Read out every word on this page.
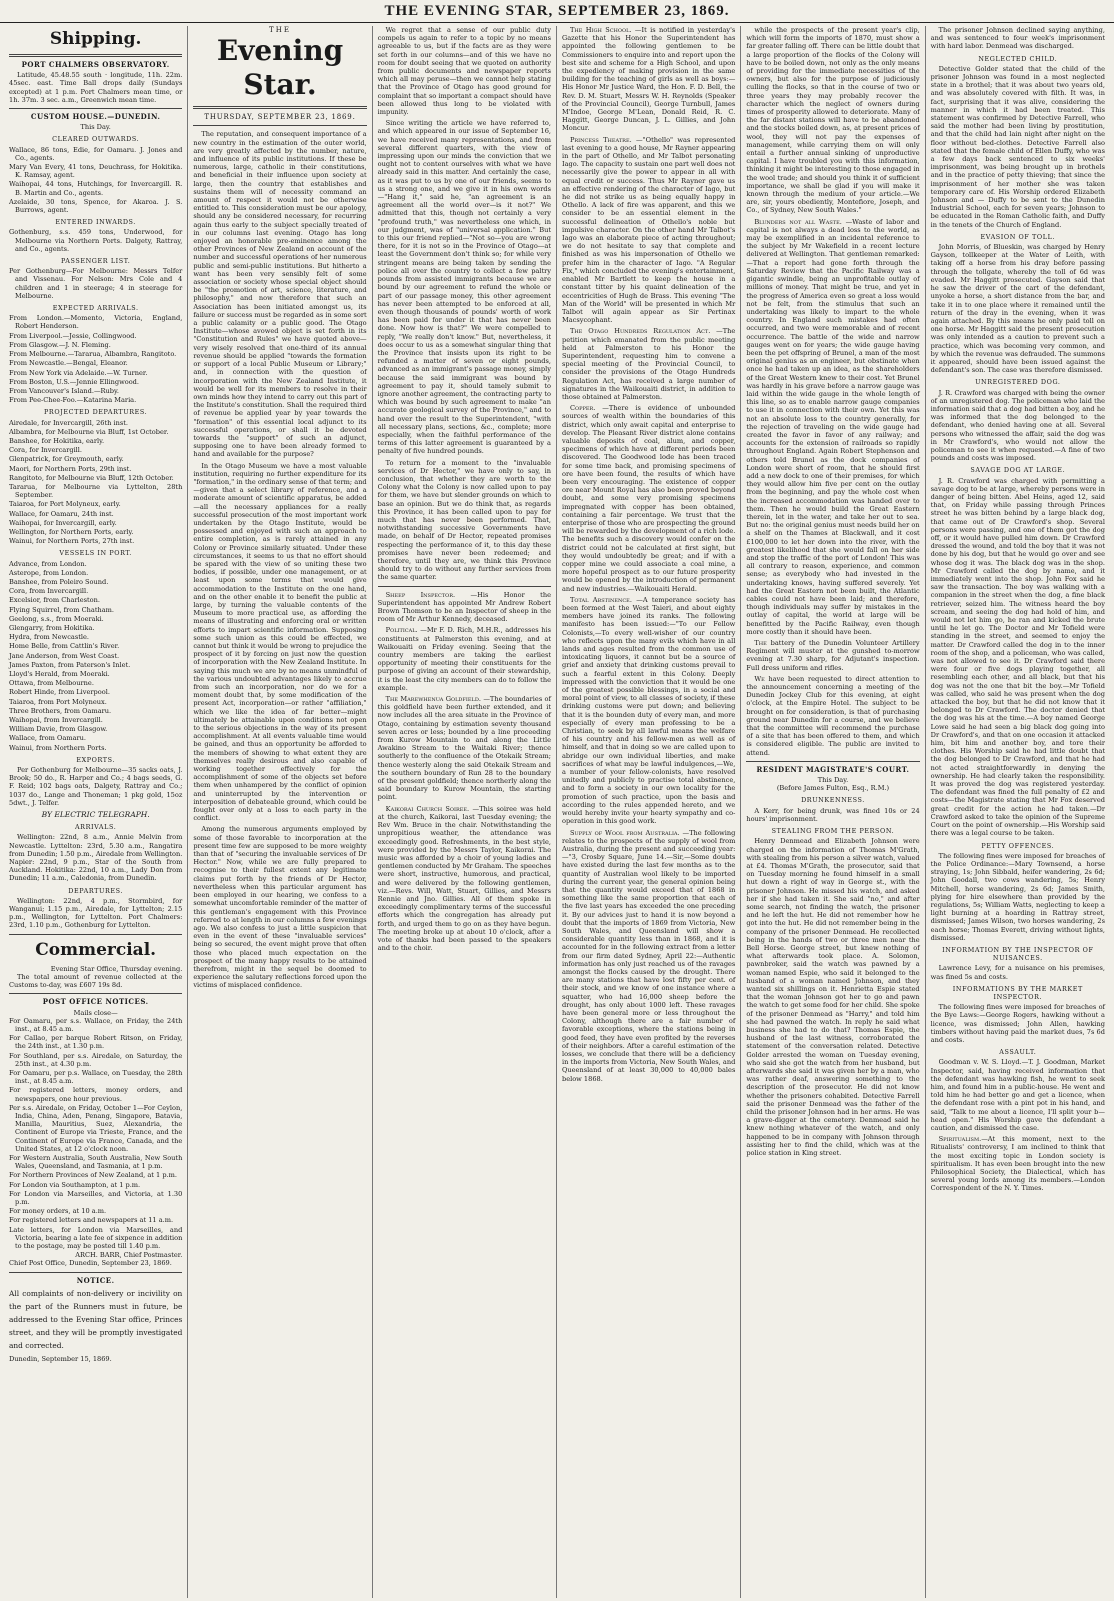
THE EVENING STAR, SEPTEMBER 23, 1869.
Shipping.
PORT CHALMERS OBSERVATORY.

Latitude, 45.48.55 south · longitude, 11h. 22m. 45sec. east. Time Ball drops daily (Sundays excepted) at 1 p.m. Port Chalmers mean time, or 1h. 37m. 3 sec. a.m., Greenwich mean time.

CUSTOM HOUSE.—DUNEDIN.
This Day.
CLEARED OUTWARDS.
Wallace, 86 tons, Edie, for Oamaru. J. Jones and Co., agents.
Mary Van Every, 41 tons, Deuchrass, for Hokitika. K. Ramsay, agent.
Waihopai, 44 tons, Hutchings, for Invercargill. R. B. Martin and Co., agents.
Azelaide, 30 tons, Spence, for Akaroa. J. S. Burrows, agent.
ENTERED INWARDS.
Gothenburg, s.s. 459 tons, Underwood, for Melbourne via Northern Ports. Dalgety, Rattray, and Co., agents.
PASSENGER LIST.
Per Gothenburg—For Melbourne: Messrs Telfer and Vissenau. For Nelson: Mrs Cole and 4 children and 1 in steerage; 4 in steerage for Melbourne.
EXPECTED ARRIVALS.
From London.—Momento, Victoria, England, Robert Henderson.
From Liverpool.—Jessie, Collingwood.
From Glasgow.—J. N. Fleming.
From Melbourne.—Tararua, Albambra, Rangitoto.
From Newcastle.—Bengal, Eleanor.
From New York via Adelaide.—W. Turner.
From Boston, U.S.—Jennie Ellingwood.
From Vancouver's Island.—Ruby.
From Pee-Chee-Foo.—Katarina Maria.
PROJECTED DEPARTURES.
Airedale, for Invercargill, 26th inst.
Albambra, for Melbourne via Bluff, 1st October.
Banshee, for Hokitika, early.
Cora, for Invercargill.
Glenpatrick, for Greymouth, early.
Maori, for Northern Ports, 29th inst.
Rangitoto, for Melbourne via Bluff, 12th October.
Tararua, for Melbourne via Lyttelton, 28th September.
Taiaroa, for Port Molyneux, early.
Wallace, for Oamaru, 24th inst.
Waihopai, for Invercargill, early.
Wellington, for Northern Ports, early.
Wainui, for Northern Ports, 27th inst.
VESSELS IN PORT.
Advance, from London.
Asterope, from London.
Banshee, from Poleiro Sound.
Cora, from Invercargill.
Excelsior, from Charleston.
Flying Squirrel, from Chatham.
Geelong, s.s., from Moeraki.
Glengarry, from Hokitika.
Hydra, from Newcastle.
Home Belle, from Cattlin's River.
Jane Anderson, from West Coast.
James Paxton, from Paterson's Inlet.
Lloyd's Herald, from Moeraki.
Ottawa, from Melbourne.
Robert Hinde, from Liverpool.
Taiaroa, from Port Molyneux.
Three Brothers, from Oamaru.
Waihopai, from Invercargill.
William Davie, from Glasgow.
Wallace, from Oamaru.
Wainui, from Northern Ports.
EXPORTS.

Per Gothenburg for Melbourne—35 sacks oats, J. Brook; 50 do., R. Harper and Co.; 4 bags seeds, G. F. Reid; 102 bags oats, Dalgety, Rattray and Co.; 1037 do., Lange and Thoneman; 1 pkg gold, 15oz 5dwt., J. Telfer.

BY ELECTRIC TELEGRAPH.
ARRIVALS.

Wellington: 22nd, 8 a.m., Annie Melvin from Newcastle. Lyttelton: 23rd, 5.30 a.m., Rangatira from Dunedin; 1.50 p.m., Airedale from Wellington. Napier: 22nd, 9 p.m., Star of the South from Auckland. Hokitika: 22nd, 10 a.m., Lady Don from Dunedin; 11 a.m., Caledonia, from Dunedin.

DEPARTURES.

Wellington: 22nd, 4 p.m., Stormbird, for Wanganui; 1.15 p.m., Airedale, for Lyttelton; 2.15 p.m., Wellington, for Lyttelton. Port Chalmers: 23rd, 1.10 p.m., Gothenburg for Lyttelton.

Commercial.
Evening Star Office, Thursday evening.

The total amount of revenue collected at the Customs to-day, was £607 19s 8d.

POST OFFICE NOTICES.
Mails close—
For Oamaru, per s.s. Wallace, on Friday, the 24th inst., at 8.45 a.m.
For Callao, per barque Robert Ritson, on Friday, the 24th inst., at 1.30 p.m.
For Southland, per s.s. Airedale, on Saturday, the 25th inst., at 4.30 p.m.
For Oamaru, per p.s. Wallace, on Tuesday, the 28th inst., at 8.45 a.m.
For registered letters, money orders, and newspapers, one hour previous.
Per s.s. Airedale, on Friday, October 1—For Ceylon, India, China, Aden, Penang, Singapore, Batavia, Manilla, Mauritius, Suez, Alexandria, the Continent of Europe via Trieste, France, and the Continent of Europe via France, Canada, and the United States, at 12 o'clock noon.
For Western Australia, South Australia, New South Wales, Queensland, and Tasmania, at 1 p.m.
For Northern Provinces of New Zealand, at 1 p.m.
For London via Southampton, at 1 p.m.
For London via Marseilles, and Victoria, at 1.30 p.m.
For money orders, at 10 a.m.
For registered letters and newspapers at 11 a.m.
Late letters, for London via Marseilles, and Victoria, bearing a late fee of sixpence in addition to the postage, may be posted till 1.40 p.m.
ARCH. BARR, Chief Postmaster.
Chief Post Office, Dunedin, September 23, 1869.
NOTICE.

All complaints of non-delivery or incivility on the part of the Runners must in future, be addressed to the Evening Star office, Princes street, and they will be promptly investigated and corrected.

Dunedin, September 15, 1869.
THE
Evening Star.
THURSDAY, SEPTEMBER 23, 1869.

The reputation, and consequent importance of a new country in the estimation of the outer world, are very greatly affected by the number, nature, and influence of its public institutions. If these be numerous, large, catholic in their constitutions, and beneficial in their influence upon society at large, then the country that establishes and sustains them will of necessity command an amount of respect it would not be otherwise entitled to. This consideration must be our apology, should any be considered necessary, for recurring again thus early to the subject specially treated of in our columns last evening. Otago has long enjoyed an honorable pre-eminence among the other Provinces of New Zealand on account of the number and successful operations of her numerous public and semi-public institutions. But hitherto a want has been very sensibly felt of some association or society whose special object should be "the promotion of art, science, literature, and philosophy," and now therefore that such an Association has been initiated amongst us, its failure or success must be regarded as in some sort a public calamity or a public good. The Otago Institute—whose avowed object is set forth in its "Constitution and Rules" we have quoted above—very wisely resolved that one-third of its annual revenue should be applied "towards the formation or support of a local Public Museum or Library;" and, in connection with the question of incorporation with the New Zealand Institute, it would be well for its members to resolve in their own minds how they intend to carry out this part of the Institute's constitution. Shall the required third of revenue be applied year by year towards the "formation" of this essential local adjunct to its successful operations, or shall it be devoted towards the "support" of such an adjunct, supposing one to have been already formed to hand and available for the purpose?

In the Otago Museum we have a most valuable institution, requiring no further expenditure for its "formation," in the ordinary sense of that term; and—given that a select library of reference, and a moderate amount of scientific apparatus, be added—all the necessary appliances for a really successful prosecution of the most important work undertaken by the Otago Institute, would be possessed and enjoyed with such an approach to entire completion, as is rarely attained in any Colony or Province similarly situated. Under these circumstances, it seems to us that no effort should be spared with the view of so uniting these two bodies, if possible, under one management, or at least upon some terms that would give accommodation to the Institute on the one hand, and on the other enable it to benefit the public at large, by turning the valuable contents of the Museum to more practical use, as affording the means of illustrating and enforcing oral or written efforts to impart scientific information. Supposing some such union as this could be effected, we cannot but think it would be wrong to prejudice the prospect of it by forcing on just now the question of incorporation with the New Zealand Institute. In saying this much we are by no means unmindful of the various undoubted advantages likely to accrue from such an incorporation, nor do we for a moment doubt that, by some modification of the present Act, incorporation—or rather "affiliation," which we like the idea of far better—might ultimately be attainable upon conditions not open to the serious objections in the way of its present accomplishment. At all events valuable time would be gained, and thus an opportunity be afforded to the members of showing to what extent they are themselves really desirous and also capable of working together effectively for the accomplishment of some of the objects set before them when unhampered by the conflict of opinion and uninterrupted by the intervention or interposition of debateable ground, which could be fought over only at a loss to each party in the conflict.

Among the numerous arguments employed by some of those favorable to incorporation at the present time few are supposed to be more weighty than that of "securing the invaluable services of Dr Hector." Now, while we are fully prepared to recognise to their fullest extent any legitimate claims put forth by the friends of Dr Hector, nevertheless when this particular argument has been employed in our hearing, we confess to a somewhat uncomfortable reminder of the matter of this gentleman's engagement with this Province referred to at length in our columns a few evenings ago. We also confess to just a little suspicion that even in the event of these "invaluable services" being so secured, the event might prove that often those who placed much expectation on the prospect of the many happy results to be attained therefrom, might in the sequel be doomed to experience the salutary reflections forced upon the victims of misplaced confidence.

We regret that a sense of our public duty compels us again to refer to a topic by no means agreeable to us, but if the facts are as they were set forth in our columns—and of this we have no room for doubt seeing that we quoted on authority from public documents and newspaper reports which all may peruse—then we cannot help stating that the Province of Otago has good ground for complaint that so important a compact should have been allowed thus long to be violated with impunity.

Since writing the article we have referred to, and which appeared in our issue of September 16, we have received many representations, and from several different quarters, with the view of impressing upon our minds the conviction that we ought not to content ourselves with what we have already said in this matter. And certainly the case, as it was put to us by one of our friends, seems to us a strong one, and we give it in his own words—"Hang it," said he, "an agreement is an agreement all the world over—is it not?" We admitted that this, though not certainly a very "profound truth," was nevertheless one which, in our judgment, was of "universal application." But to this our friend replied—"Not so—you are wrong there, for it is not so in the Province of Otago—at least the Government don't think so; for while very stringent means are being taken by sending the police all over the country to collect a few paltry pounds from assisted immigrants because we are bound by our agreement to refund the whole or part of our passage money, this other agreement has never been attempted to be enforced at all, even though thousands of pounds' worth of work has been paid for under it that has never been done. Now how is that?" We were compelled to reply, "We really don't know." But, nevertheless, it does occur to us as a somewhat singular thing that the Province that insists upon its right to be refunded a matter of seven or eight pounds, advanced as an immigrant's passage money, simply because the said immigrant was bound by agreement to pay it, should tamely submit to ignore another agreement, the contracting party to which was bound by such agreement to make "an accurate geological survey of the Province," and to hand over the result to the Superintendent, "with all necessary plans, sections, &c., complete; more especially, when the faithful performance of the terms of this latter agreement is guaranteed by a penalty of five hundred pounds.

To return for a moment to the "invaluable services of Dr Hector," we have only to say, in conclusion, that whether they are worth to the Colony what the Colony is now called upon to pay for them, we have but slender grounds on which to base an opinion. But we do think that, as regards this Province, it has been called upon to pay for much that has never been performed. That, notwithstanding successive Governments have made, on behalf of Dr Hector, repeated promises respecting the performance of it, to this day these promises have never been redeemed; and therefore, until they are, we think this Province should try to do without any further services from the same quarter.

Sheep Inspector. —His Honor the Superintendent has appointed Mr Andrew Robert Brown Thomson to be an Inspector of sheep in the room of Mr Arthur Kennedy, deceased.

Political. —Mr F. D. Rich, M.H.R., addresses his constituents at Palmerston this evening, and at Waikouaiti on Friday evening. Seeing that the country members are taking the earliest opportunity of meeting their constituents for the purpose of giving an account of their stewardship, it is the least the city members can do to follow the example.

The Marewhenua Goldfield. —The boundaries of this goldfield have been further extended, and it now includes all the area situate in the Province of Otago, containing by estimation seventy thousand seven acres or less; bounded by a line proceeding from Kurow Mountain to and along the Little Awakino Stream to the Waitaki River; thence southerly to the confluence of the Otekaik Stream; thence westerly along the said Otekaik Stream and the southern boundary of Run 28 to the boundary of the present goldfield; thence northerly along the said boundary to Kurow Mountain, the starting point.

Kaikorai Church Soiree. —This soiree was held at the church, Kaikorai, last Tuesday evening; the Rev Wm. Bruce in the chair. Notwithstanding the unpropitious weather, the attendance was exceedingly good. Refreshments, in the best style, were provided by the Messrs Taylor, Kaikorai. The music was afforded by a choir of young ladies and gentlemen conducted by Mr Graham. The speeches were short, instructive, humorous, and practical, and were delivered by the following gentlemen, viz.—Revs. Will, Watt, Stuart, Gillies, and Messrs Rennie and Jno. Gillies. All of them spoke in exceedingly complimentary terms of the successful efforts which the congregation has already put forth, and urged them to go on as they have begun. The meeting broke up at about 10 o'clock, after a vote of thanks had been passed to the speakers and to the choir.

The High School. —It is notified in yesterday's Gazette that his Honor the Superintendent has appointed the following gentlemen to be Commissioners to enquire into and report upon the best site and scheme for a High School, and upon the expediency of making provision in the same building for the teaching of girls as well as boys:—His Honor Mr Justice Ward, the Hon. F. D. Bell, the Rev. D. M. Stuart, Messrs W. H. Reynolds (Speaker of the Provincial Council), George Turnbull, James M'Indoe, George M'Lean, Donald Reid, R. C. Haggitt, George Duncan, J. L. Gillies, and John Moncur.

Princess Theatre. —"Othello" was represented last evening to a good house, Mr Rayner appearing in the part of Othello, and Mr Talbot personating Iago. The capacity to sustain one part well does not necessarily give the power to appear in all with equal credit or success. Thus Mr Rayner gave us an effective rendering of the character of Iago, but he did not strike us as being equally happy in Othello. A lack of fire was apparent, and this we consider to be an essential element in the successful delineation of Othello's noble but impulsive character. On the other hand Mr Talbot's Iago was an elaborate piece of acting throughout; we do not hesitate to say that complete and finished as was his impersonation of Othello we prefer him in the character of Iago. "A Regular Fix," which concluded the evening's entertainment, enabled Mr Bartlett to keep the house in a constant titter by his quaint delineation of the eccentricities of Hugh de Brass. This evening "The Man of the World" will be presented in which Mr Talbot will again appear as Sir Pertinax Macsycophant.

The Otago Hundreds Regulation Act. —The petition which emanated from the public meeting held at Palmerston to his Honor the Superintendent, requesting him to convene a special meeting of the Provincial Council, to consider the provisions of the Otago Hundreds Regulation Act, has received a large number of signatures in the Waikouaiti district, in addition to those obtained at Palmerston.

Copper. —There is evidence of unbounded sources of wealth within the boundaries of this district, which only await capital and enterprise to develop. The Pleasant River district alone contains valuable deposits of coal, alum, and copper, specimens of which have at different periods been discovered. The Goodwood lode has been traced for some time back, and promising specimens of ore have been found, the results of which have been very encouraging. The existence of copper ore near Mount Royal has also been proved beyond doubt, and some very promising specimens impregnated with copper has been obtained, containing a fair percentage. We trust that the enterprise of those who are prospecting the ground will be rewarded by the development of a rich lode. The benefits such a discovery would confer on the district could not be calculated at first sight, but they would undoubtedly be great; and if with a copper mine we could associate a coal mine, a more hopeful prospect as to our future prosperity would be opened by the introduction of permanent and new industries.—Waikouaiti Herald.

Total Abstinence. —A temperance society has been formed at the West Taieri, and about eighty members have joined its ranks. The following manifesto has been issued:—"To our Fellow Colonists,—To every well-wisher of our country who reflects upon the many evils which have in all lands and ages resulted from the common use of intoxicating liquors, it cannot but be a source of grief and anxiety that drinking customs prevail to such a fearful extent in this Colony. Deeply impressed with the conviction that it would be one of the greatest possible blessings, in a social and moral point of view, to all classes of society, if these drinking customs were put down; and believing that it is the bounden duty of every man, and more especially of every man professing to be a Christian, to seek by all lawful means the welfare of his country and his fellow-men as well as of himself, and that in doing so we are called upon to abridge our own individual liberties, and make sacrifices of what may be lawful indulgences,—We, a number of your fellow-colonists, have resolved unitedly and publicly to practise total abstinence, and to form a society in our own locality for the promotion of such practice, upon the basis and according to the rules appended hereto, and we would hereby invite your hearty sympathy and co-operation in this good work.

Supply of Wool from Australia. —The following relates to the prospects of the supply of wool from Australia, during the present and succeeding year:—"3, Crosby Square, June 14.—Sir,—Some doubts have existed during the last few months as to the quantity of Australian wool likely to be imported during the current year, the general opinion being that the quantity would exceed that of 1868 in something like the same proportion that each of the five last years has exceeded the one preceding it. By our advices just to hand it is now beyond a doubt that the imports of 1869 from Victoria, New South Wales, and Queensland will show a considerable quantity less than in 1868, and it is accounted for in the following extract from a letter from our firm dated Sydney, April 22:—Authentic information has only just reached us of the ravages amongst the flocks caused by the drought. There are many stations that have lost fifty per cent. of their stock, and we know of one instance where a squatter, who had 16,000 sheep before the drought, has only about 1000 left. These ravages have been general more or less throughout the Colony, although there are a fair number of favorable exceptions, where the stations being in good feed, they have even profited by the reverses of their neighbors. After a careful estimation of the losses, we conclude that there will be a deficiency in the imports from Victoria, New South Wales, and Queensland of at least 30,000 to 40,000 bales below 1868.

while the prospects of the present year's clip, which will form the imports of 1870, must show a far greater falling off. There can be little doubt that a large proportion of the flocks of the Colony will have to be boiled down, not only as the only means of providing for the immediate necessities of the owners, but also for the purpose of judiciously culling the flocks, so that in the course of two or three years they may probably recover the character which the neglect of owners during times of prosperity allowed to deteriorate. Many of the far distant stations will have to be abandoned and the stocks boiled down, as, at present prices of wool, they will not pay the expenses of management, while carrying them on will only entail a further annual sinking of unproductive capital. I have troubled you with this information, thinking it might be interesting to those engaged in the wool trade; and should you think it of sufficient importance, we shall be glad if you will make it known through the medium of your article.—We are, sir, yours obediently, Montefiore, Joseph, and Co., of Sydney, New South Wales."

Blunders not all Waste. —Waste of labor and capital is not always a dead loss to the world, as may be exemplified in an incidental reference to the subject by Mr Wakefield in a recent lecture delivered at Wellington. That gentleman remarked:—That a report had gone forth through the Saturday Review that the Pacific Railway was a gigantic swindle, being an unprofitable outlay of millions of money. That might be true, and yet in the progress of America even so great a loss would not be felt, from the stimulus that such an undertaking was likely to impart to the whole country. In England such mistakes had often occurred, and two were memorable and of recent occurrence. The battle of the wide and narrow gauges went on for years; the wide gauge having been the pet offspring of Brunel, a man of the most original genius as an engineer, but obstinate when once he had taken up an idea, as the shareholders of the Great Western knew to their cost. Yet Brunel was hardly in his grave before a narrow gauge was laid within the wide gauge in the whole length of this line, so as to enable narrow gauge companies to use it in connection with their own. Yet this was not an absolute loss to the country generally, for the rejection of traveling on the wide gauge had created the favor in favor of any railway; and accounts for the extension of railroads so rapidly throughout England. Again Robert Stephenson and others told Brunel as the dock companies of London were short of room, that he should first add a new dock to one of their premises, for which they would allow him five per cent on the outlay from the beginning, and pay the whole cost when the increased accommodation was handed over to them. Then he would build the Great Eastern therein, let in the water, and take her out to sea. But no: the original genius must needs build her on a shelf on the Thames at Blackwall, and it cost £100,000 to let her down into the river, with the greatest likelihood that she would fall on her side and stop the traffic of the port of London! This was all contrary to reason, experience, and common sense; as everybody who had invested in the undertaking knows, having suffered severely. Yet had the Great Eastern not been built, the Atlantic cables could not have been laid; and therefore, though individuals may suffer by mistakes in the outlay of capital, the world at large will be benefitted by the Pacific Railway, even though more costly than it should have been.

The battery of the Dunedin Volunteer Artillery Regiment will muster at the gunshed to-morrow evening at 7.30 sharp, for Adjutant's inspection. Full dress uniform and rifles.

We have been requested to direct attention to the announcement concerning a meeting of the Dunedin Jockey Club for this evening, at eight o'clock, at the Empire Hotel. The subject to be brought on for consideration, is that of purchasing ground near Dunedin for a course, and we believe that the committee will recommend the purchase of a site that has been offered to them, and which is considered eligible. The public are invited to attend.

RESIDENT MAGISTRATE'S COURT.
This Day.
(Before James Fulton, Esq., R.M.)
DRUNKENNESS.

A Kerr, for being drunk, was fined 10s or 24 hours' imprisonment.

STEALING FROM THE PERSON.

Henry Denmead and Elizabeth Johnson were charged on the information of Thomas M'Grath, with stealing from his person a silver watch, valued at £4. Thomas M'Grath, the prosecutor, said that on Tuesday morning he found himself in a small hut down a right of way in George st., with the prisoner Johnson. He missed his watch, and asked her if she had taken it. She said "no," and after some search, not finding the watch, the prisoner and he left the hut. He did not remember how he got into the hut. He did not remember being in the company of the prisoner Denmead. He recollected being in the hands of two or three men near the Bell Horse. George street, but knew nothing of what afterwards took place. A. Solomon, pawnbroker, said the watch was pawned by a woman named Espie, who said it belonged to the husband of a woman named Johnson, and they wanted six shillings on it. Henrietta Espie stated that the woman Johnson got her to go and pawn the watch to get some food for her child. She spoke of the prisoner Denmead as "Harry," and told him she had pawned the watch. In reply he said what business she had to do that? Thomas Espie, the husband of the last witness, corroborated the statement of the conversation related. Detective Golder arrested the woman on Tuesday evening, who said she got the watch from her husband, but afterwards she said it was given her by a man, who was rather deaf, answering something to the description of the prosecutor. He did not know whether the prisoners cohabited. Detective Farrell said the prisoner Denmead was the father of the child the prisoner Johnson had in her arms. He was a grave-digger at the cemetery. Denmead said he knew nothing whatever of the watch, and only happened to be in company with Johnson through assisting her to find the child, which was at the police station in King street.

The prisoner Johnson declined saying anything, and was sentenced to four week's imprisonment with hard labor. Denmead was discharged.

NEGLECTED CHILD.

Detective Golder stated that the child of the prisoner Johnson was found in a most neglected state in a brothel; that it was about two years old, and was absolutely covered with filth. It was, in fact, surprising that it was alive, considering the manner in which it had been treated. This statement was confirmed by Detective Farrell, who said the mother had been living by prostitution, and that the child had lain night after night on the floor without bed-clothes. Detective Farrell also stated that the female child of Ellen Duffy, who was a few days back sentenced to six weeks' imprisonment, was being brought up in brothels and in the practice of petty thieving; that since the imprisonment of her mother she was taken temporary care of. His Worship ordered Elizabeth Johnson and — Duffy to be sent to the Dunedin Industrial School, each for seven years; Johnson to be educated in the Roman Catholic faith, and Duffy in the tenets of the Church of England.

EVASION OF TOLL.

John Morris, of Blueskin, was charged by Henry Gayson, tollkeeper at the Water of Leith, with taking off a horse from his dray before passing through the tollgate, whereby the toll of 6d was evaded. Mr Haggitt prosecuted. Gayson said that he saw the driver of the cart of the defendant, unyoke a horse, a short distance from the bar, and take it in to one place where it remained until the return of the dray in the evening, when it was again attached. By this means he only paid toll on one horse. Mr Haggitt said the present prosecution was only intended as a caution to prevent such a practice, which was becoming very common, and by which the revenue was defrauded. The summons it appeared, should have been issued against the defendant's son. The case was therefore dismissed.

UNREGISTERED DOG.

J. R. Crawford was charged with being the owner of an unregistered dog. The policeman who laid the information said that a dog had bitten a boy, and he was informed that the dog belonged to the defendant, who denied having one at all. Several persons who witnessed the affair, said the dog was in Mr Crawford's, who would not allow the policeman to see it when requested.—A fine of two pounds and costs was imposed.

SAVAGE DOG AT LARGE.

J. R. Crawford was charged with permitting a savage dog to be at large, whereby persons were in danger of being bitten. Abel Heins, aged 12, said that, on Friday while passing through Princes street he was bitten behind by a large black dog, that came out of Dr Crawford's shop. Several persons were passing, and one of them got the dog off, or it would have pulled him down. Dr Crawford dressed the wound, and told the boy that it was not done by his dog, but that he would go over and see whose dog it was. The black dog was in the shop. Mr Crawford called the dog by name, and it immediately went into the shop. John Fox said he saw the transaction. The boy was walking with a companion in the street when the dog, a fine black retriever, seized him. The witness heard the boy scream, and seeing the dog had hold of him, and would not let him go, he ran and kicked the brute until he let go. The Doctor and Mr Tofield were standing in the street, and seemed to enjoy the matter. Dr Crawford called the dog in to the inner room of the shop, and a policeman, who was called, was not allowed to see it. Dr Crawford said there were four or five dogs playing together, all resembling each other, and all black, but that his dog was not the one that bit the boy.—Mr Tofield was called, who said he was present when the dog attacked the boy, but that he did not know that it belonged to Dr Crawford. The doctor denied that the dog was his at the time.—A boy named George Lowe said he had seen a big black dog going into Dr Crawford's, and that on one occasion it attacked him, bit him and another boy, and tore their clothes. His Worship said he had little doubt that the dog belonged to Dr Crawford, and that he had not acted straightforwardly in denying the ownership. He had clearly taken the responsibility. It was proved the dog was registered yesterday. The defendant was fined the full penalty of £2 and costs—the Magistrate stating that Mr Fox deserved great credit for the action he had taken.—Dr Crawford asked to take the opinion of the Supreme Court on the point of ownership.—His Worship said there was a legal course to be taken.

PETTY OFFENCES.

The following fines were imposed for breaches of the Police Ordinance:—Mary Townsend, a horse straying, 1s; John Sibbald, heifer wandering, 2s 6d; John Goodall, two cows wandering, 5s; Henry Mitchell, horse wandering, 2s 6d; James Smith, plying for hire elsewhere than provided by the regulations, 5s; William Watts, neglecting to keep a light burning at a hoarding in Rattray street, dismissed; James Wilson, two horses wandering, 2s each horse; Thomas Everett, driving without lights, dismissed.

INFORMATION BY THE INSPECTOR OF NUISANCES.

Lawrence Levy, for a nuisance on his premises, was fined 5s and costs.

INFORMATIONS BY THE MARKET INSPECTOR.

The following fines were imposed for breaches of the Bye Laws:—George Rogers, hawking without a licence, was dismissed; John Allen, hawking timbers without having paid the market dues, 7s 6d and costs.

ASSAULT.

Goodman v. W. S. Lloyd.—T. J. Goodman, Market Inspector, said, having received information that the defendant was hawking fish, he went to seek him, and found him in a public-house. He went and told him he had better go and get a licence, when the defendant rose with a pint pot in his hand, and said, "Talk to me about a licence, I'll split your b— head open." His Worship gave the defendant a caution, and dismissed the case.

Spiritualism.—At this moment, next to the Ritualists' controversy, I am inclined to think that the most exciting topic in London society is spiritualism. It has even been brought into the new Philosophical Society, the Dialectical, which has several young lords among its members.—London Correspondent of the N. Y. Times.
